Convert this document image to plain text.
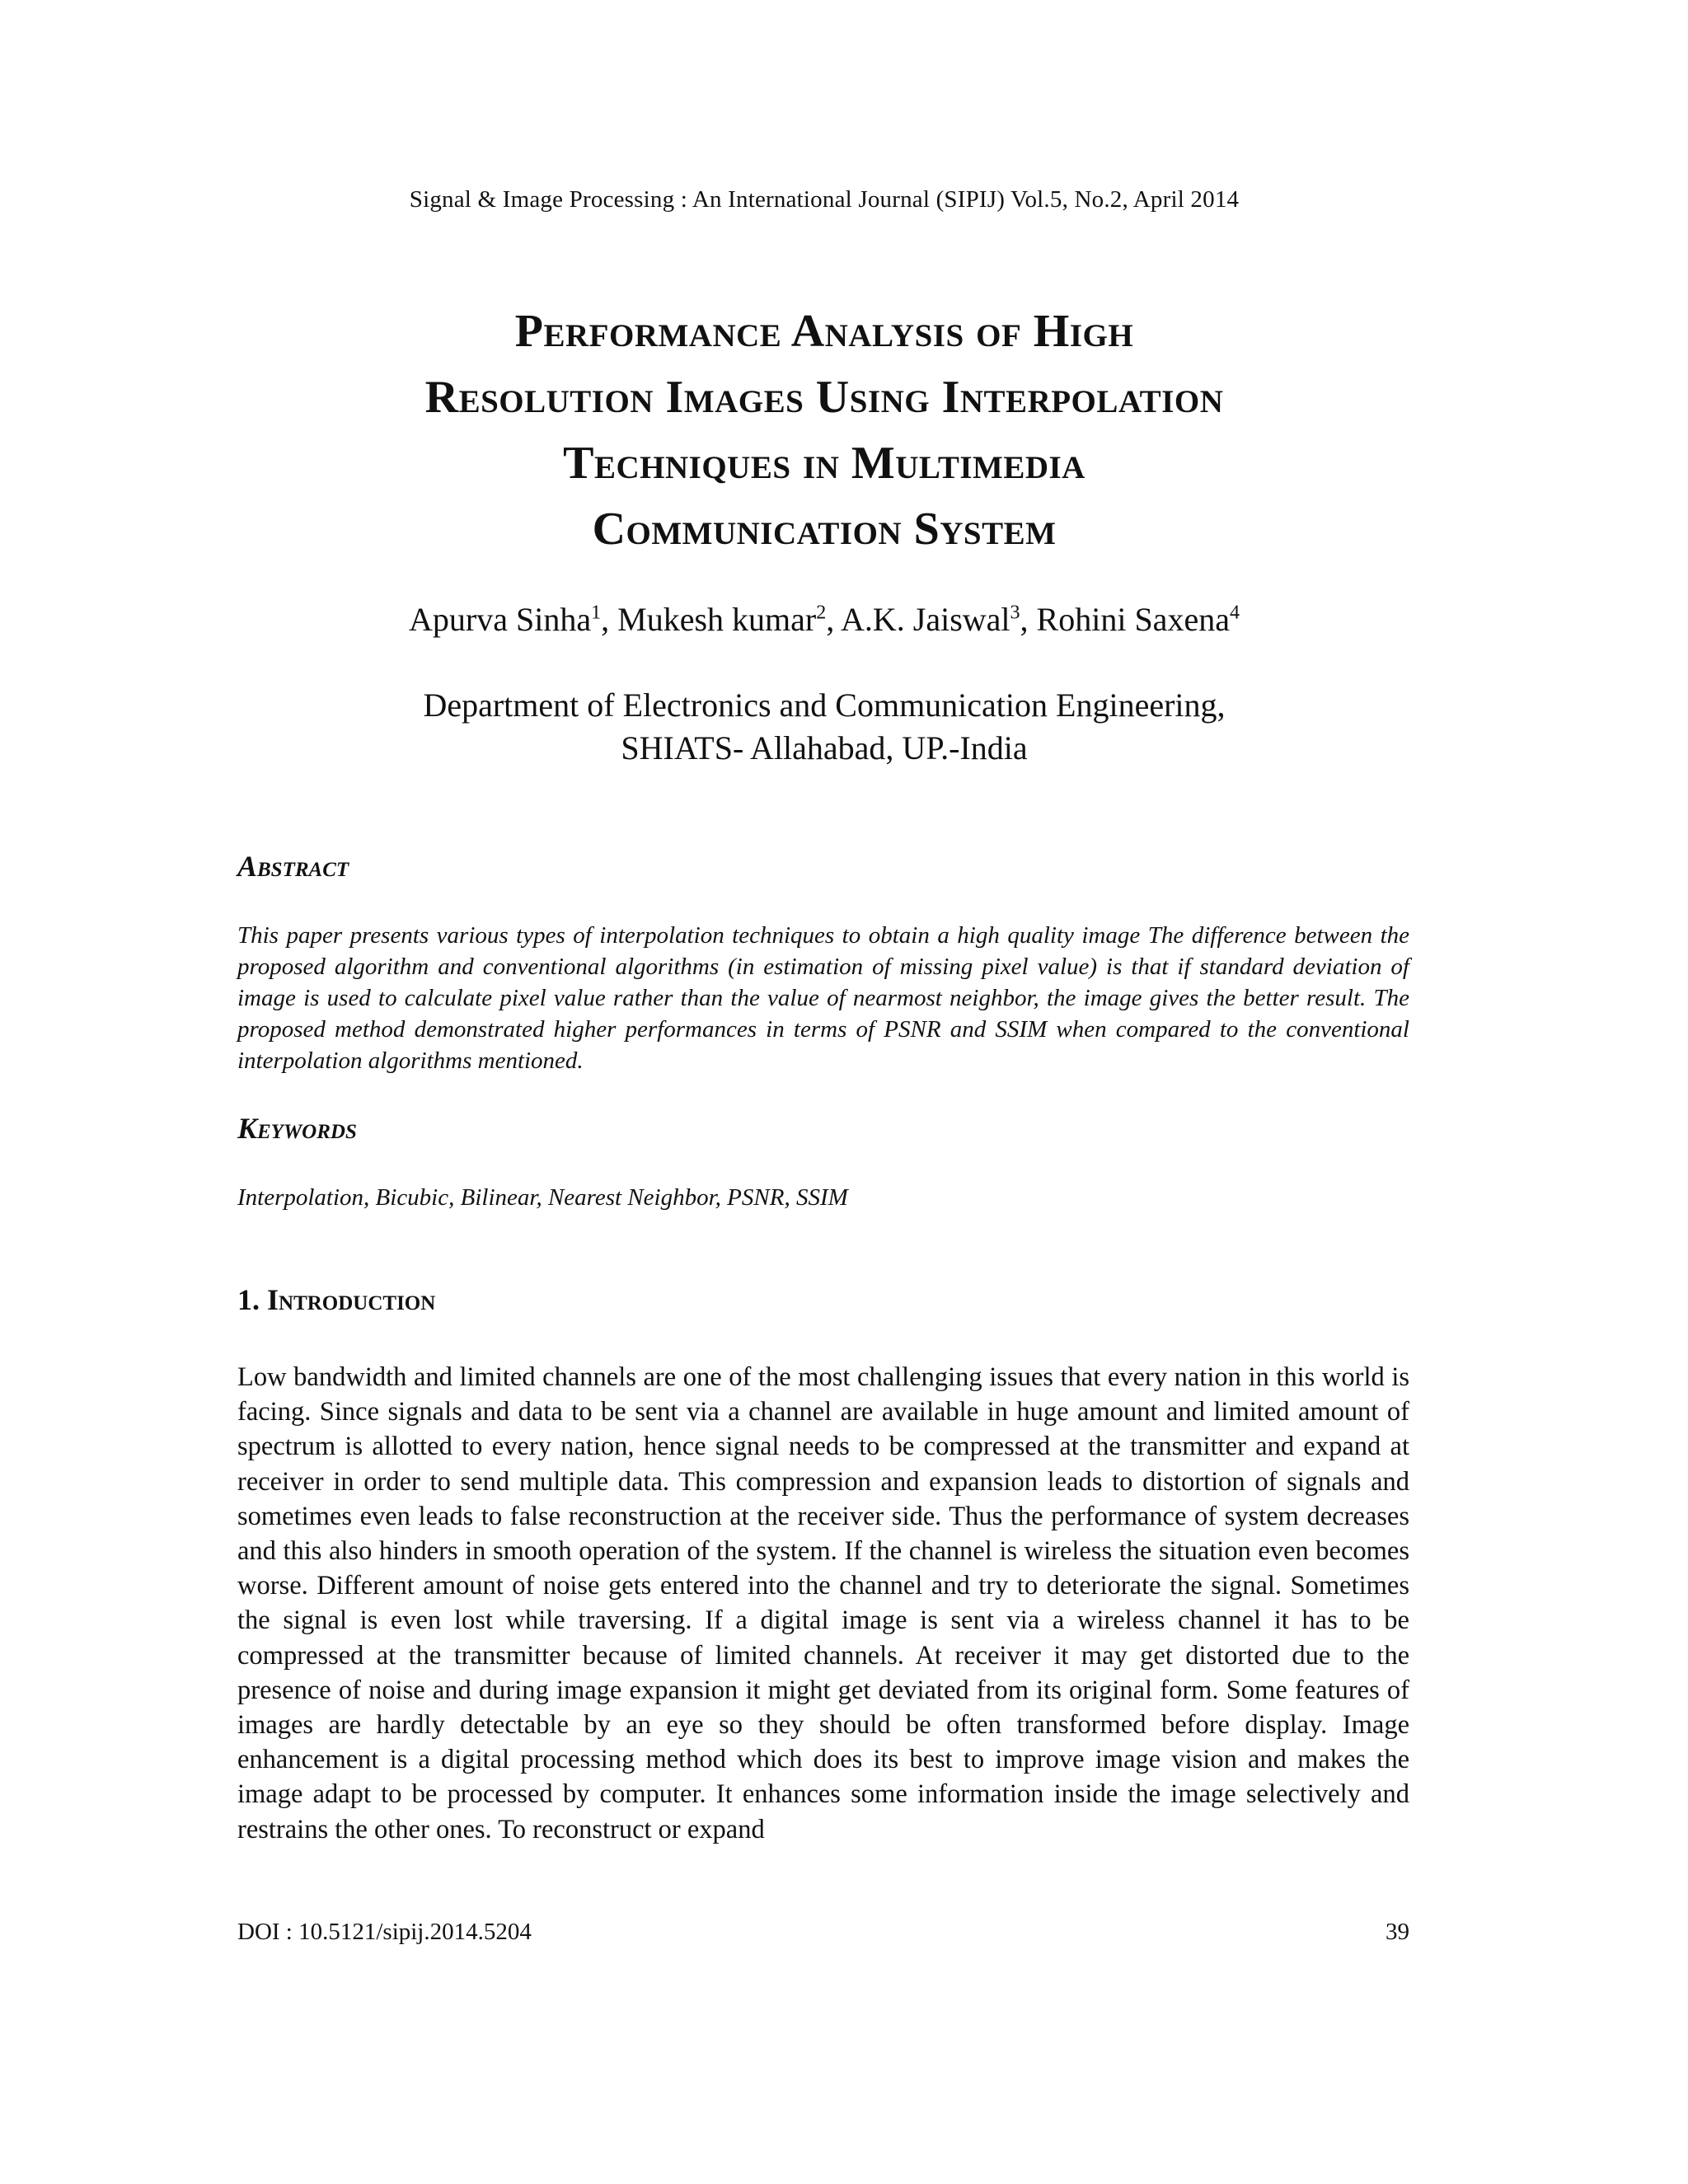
Signal & Image Processing : An International Journal (SIPIJ) Vol.5, No.2, April 2014
Performance Analysis of High
Resolution Images Using Interpolation
Techniques in Multimedia
Communication System
Apurva Sinha$^1$, Mukesh kumar$^2$, A.K. Jaiswal$^3$, Rohini Saxena$^4$
Department of Electronics and Communication Engineering,
SHIATS- Allahabad, UP.-India
Abstract
This paper presents various types of interpolation techniques to obtain a high quality image The difference between the proposed algorithm and conventional algorithms (in estimation of missing pixel value) is that if standard deviation of image is used to calculate pixel value rather than the value of nearmost neighbor, the image gives the better result. The proposed method demonstrated higher performances in terms of PSNR and SSIM when compared to the conventional interpolation algorithms mentioned.
Keywords
Interpolation, Bicubic, Bilinear, Nearest Neighbor, PSNR, SSIM
1. Introduction
Low bandwidth and limited channels are one of the most challenging issues that every nation in this world is facing. Since signals and data to be sent via a channel are available in huge amount and limited amount of spectrum is allotted to every nation, hence signal needs to be compressed at the transmitter and expand at receiver in order to send multiple data. This compression and expansion leads to distortion of signals and sometimes even leads to false reconstruction at the receiver side. Thus the performance of system decreases and this also hinders in smooth operation of the system. If the channel is wireless the situation even becomes worse. Different amount of noise gets entered into the channel and try to deteriorate the signal. Sometimes the signal is even lost while traversing. If a digital image is sent via a wireless channel it has to be compressed at the transmitter because of limited channels. At receiver it may get distorted due to the presence of noise and during image expansion it might get deviated from its original form. Some features of images are hardly detectable by an eye so they should be often transformed before display. Image enhancement is a digital processing method which does its best to improve image vision and makes the image adapt to be processed by computer. It enhances some information inside the image selectively and restrains the other ones. To reconstruct or expand
DOI : 10.5121/sipij.2014.5204	39
